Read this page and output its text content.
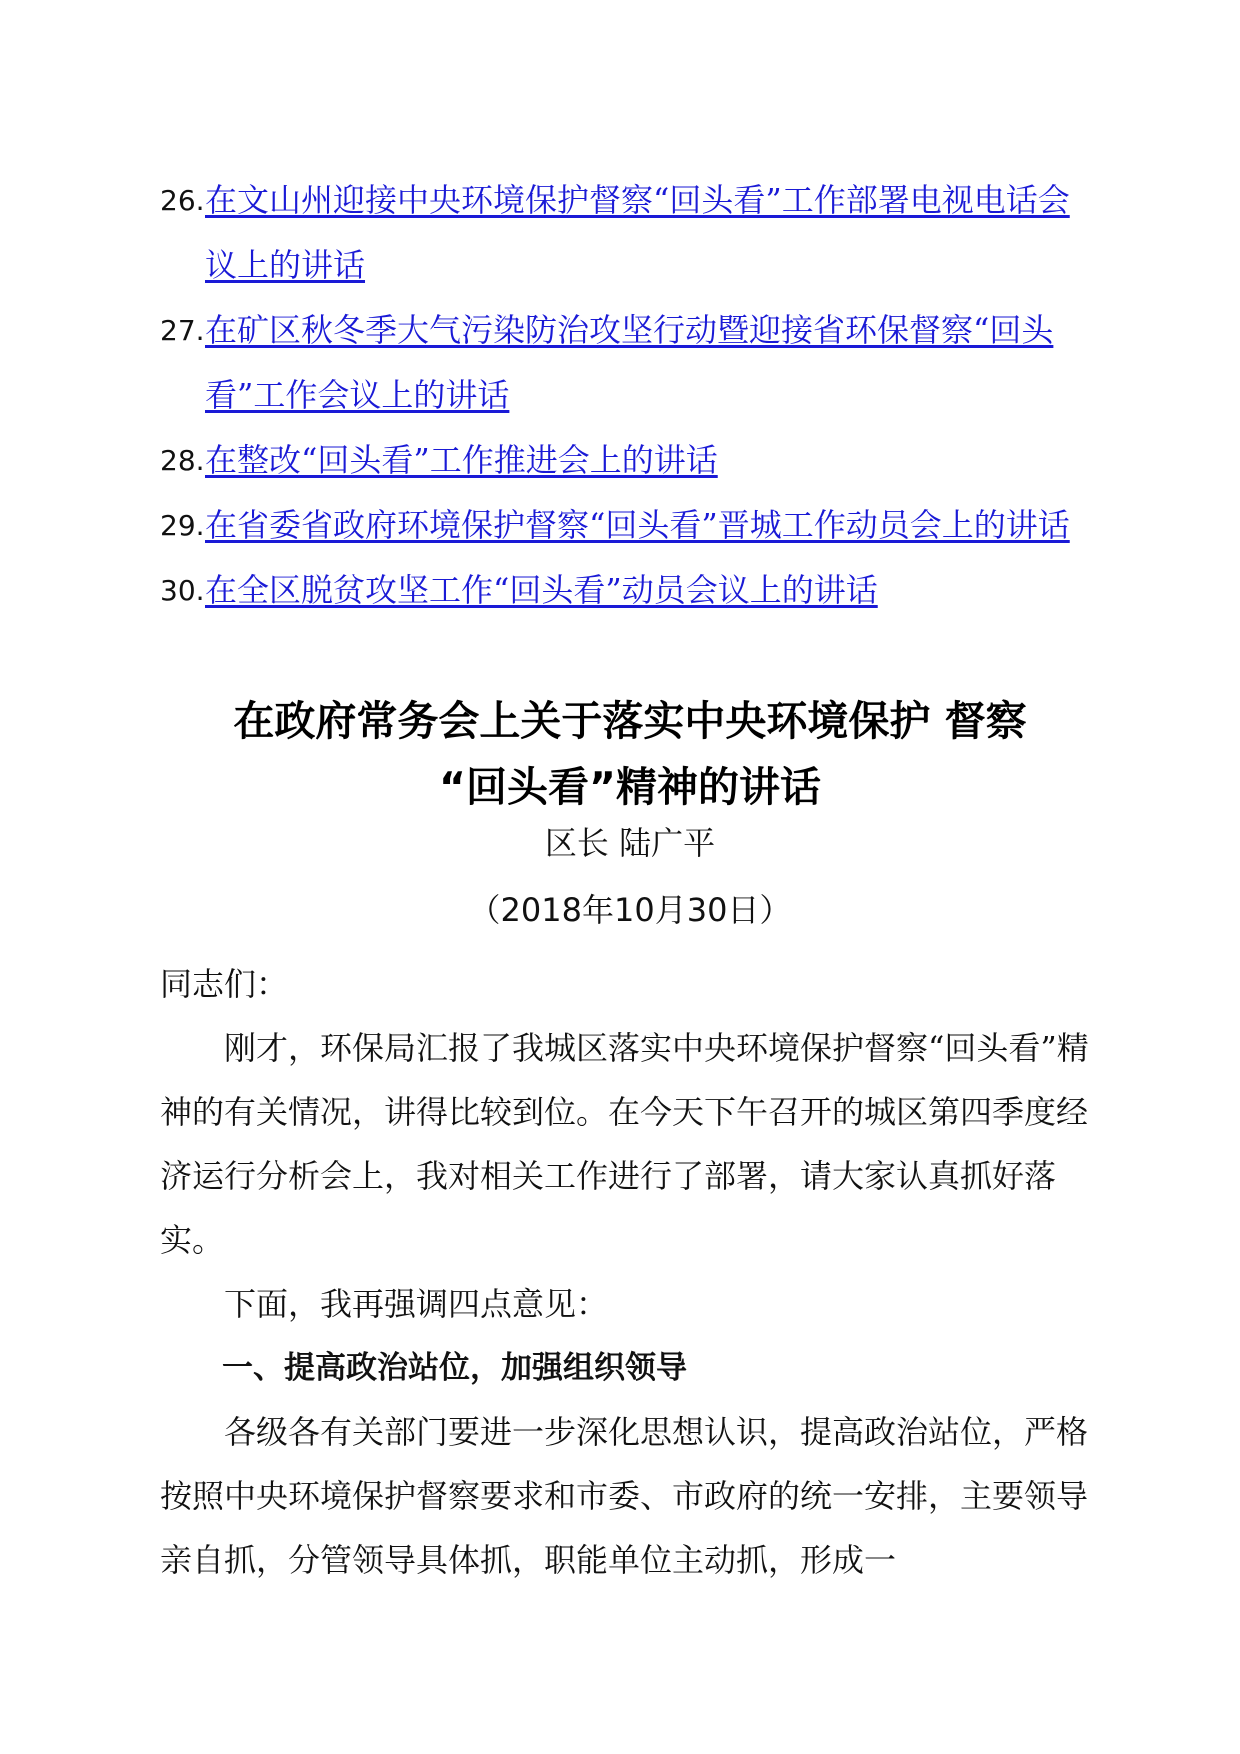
26. 在文山州迎接中央环境保护督察“回头看”工作部署电视电话会议上的讲话
27. 在矿区秋冬季大气污染防治攻坚行动暨迎接省环保督察“回头看”工作会议上的讲话
28. 在整改“回头看”工作推进会上的讲话
29. 在省委省政府环境保护督察“回头看”晋城工作动员会上的讲话
30. 在全区脱贫攻坚工作“回头看”动员会议上的讲话
在政府常务会上关于落实中央环境保护 督察
“回头看”精神的讲话
区长 陆广平
（2018年10月30日）

同志们：

刚才，环保局汇报了我城区落实中央环境保护督察“回头看”精神的有关情况，讲得比较到位。在今天下午召开的城区第四季度经济运行分析会上，我对相关工作进行了部署，请大家认真抓好落实。

下面，我再强调四点意见：

一、提高政治站位，加强组织领导

各级各有关部门要进一步深化思想认识，提高政治站位，严格按照中央环境保护督察要求和市委、市政府的统一安排，主要领导亲自抓，分管领导具体抓，职能单位主动抓，形成一
